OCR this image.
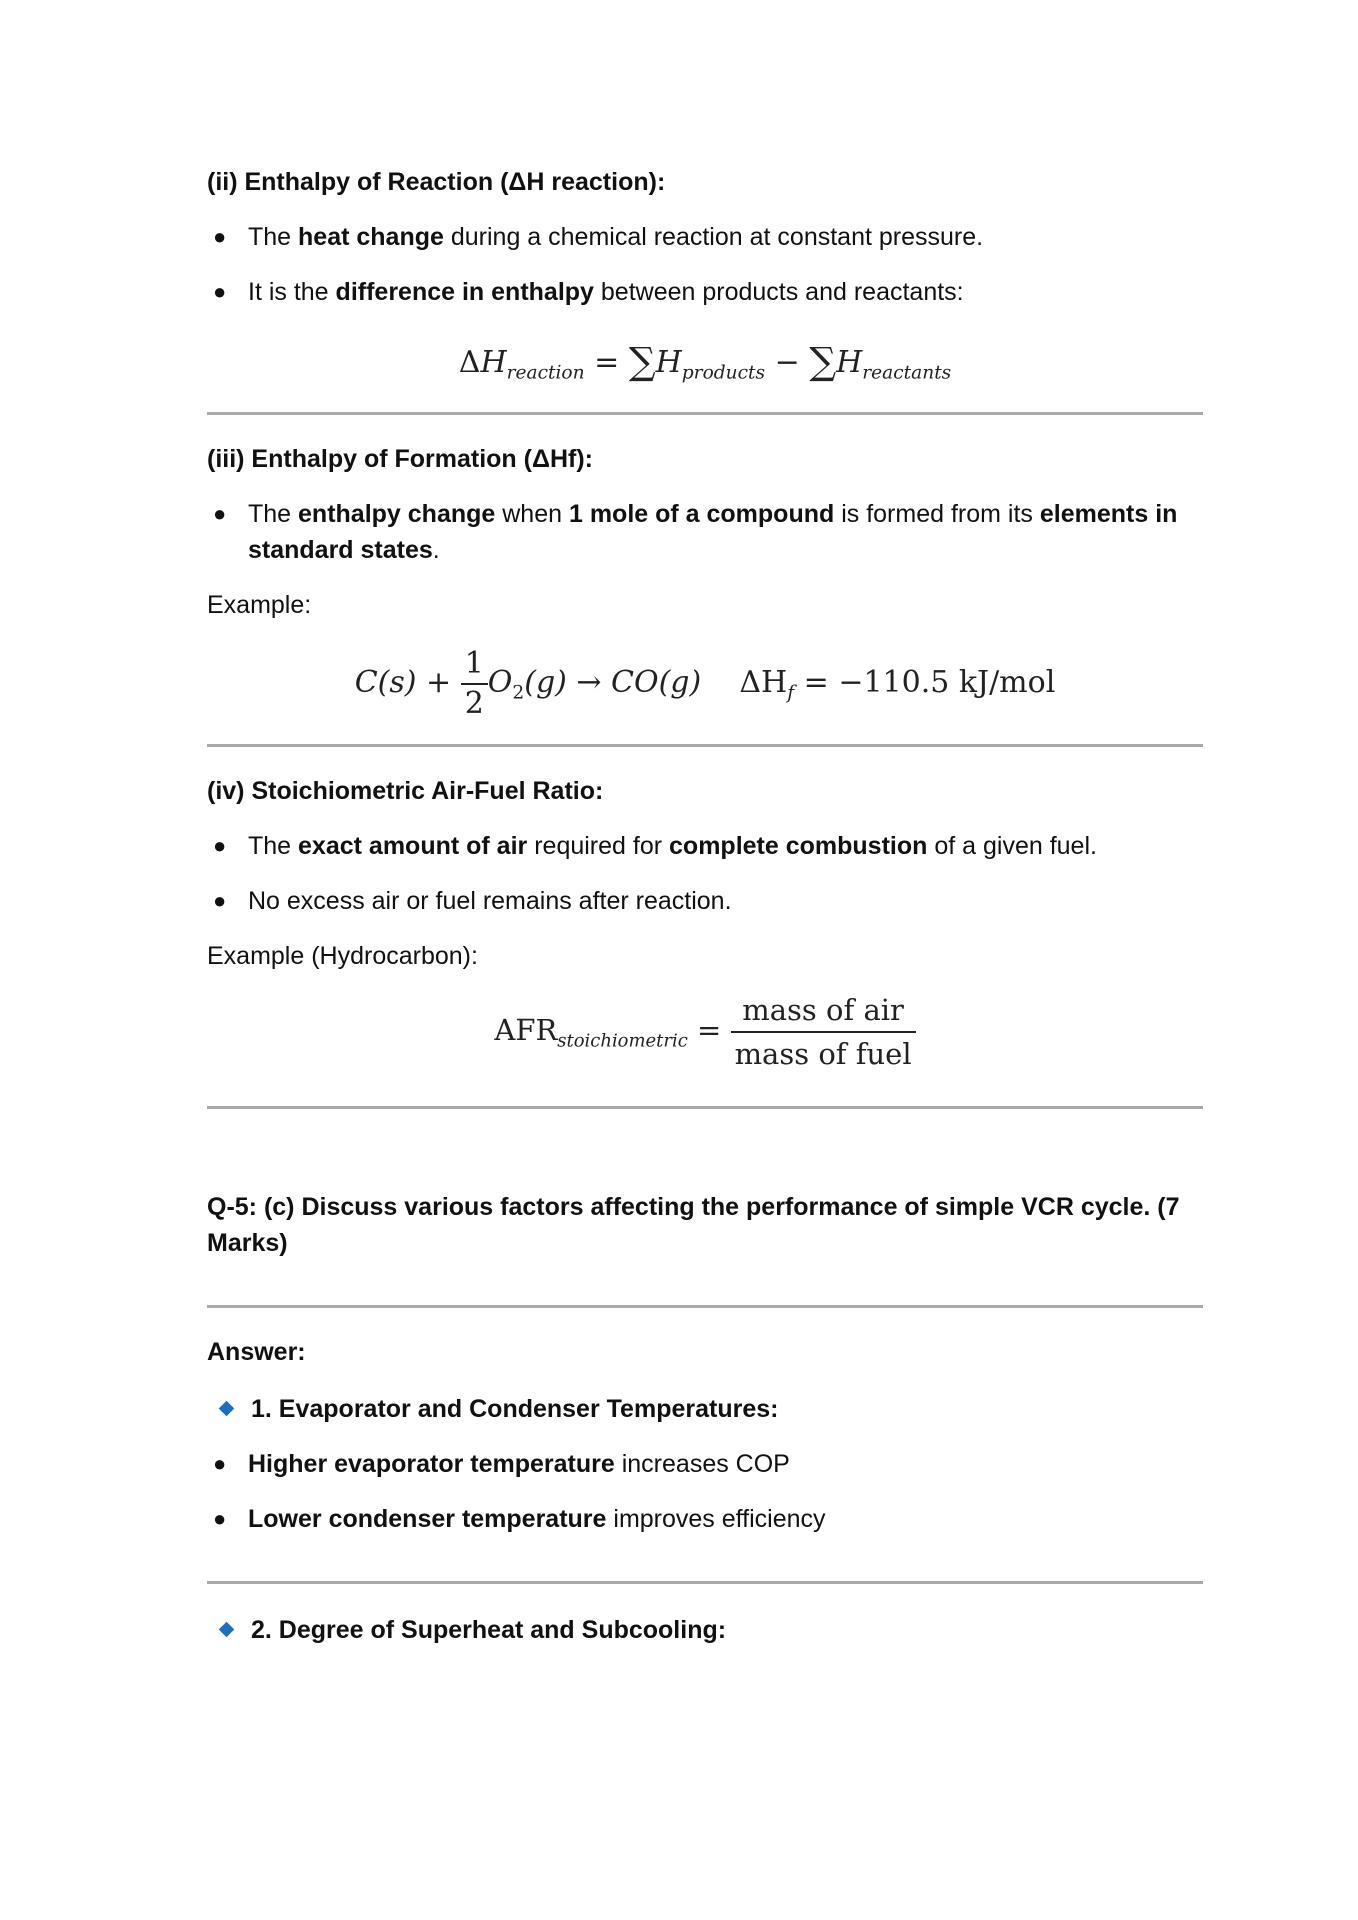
(ii) Enthalpy of Reaction (ΔH reaction):

● The heat change during a chemical reaction at constant pressure.
● It is the difference in enthalpy between products and reactants:
$\Delta H_{reaction} = \sum H_{products} - \sum H_{reactants}$

(iii) Enthalpy of Formation (ΔHf):

● The enthalpy change when 1 mole of a compound is formed from its elements in standard states.

Example:

$C(s) + \frac{1}{2} O_2(g) \to CO(g) \Delta H_f = -110.5$ kJ/mol

(iv) Stoichiometric Air-Fuel Ratio:

● The exact amount of air required for complete combustion of a given fuel.
● No excess air or fuel remains after reaction.

Example (Hydrocarbon):

$AFR_{stoichiometric} = \frac{\text{mass of air}}{\text{mass of fuel}}$

Q-5: (c) Discuss various factors affecting the performance of simple VCR cycle. (7 Marks)

Answer:

1. Evaporator and Condenser Temperatures:

● Higher evaporator temperature increases COP
● Lower condenser temperature improves efficiency

2. Degree of Superheat and Subcooling:
